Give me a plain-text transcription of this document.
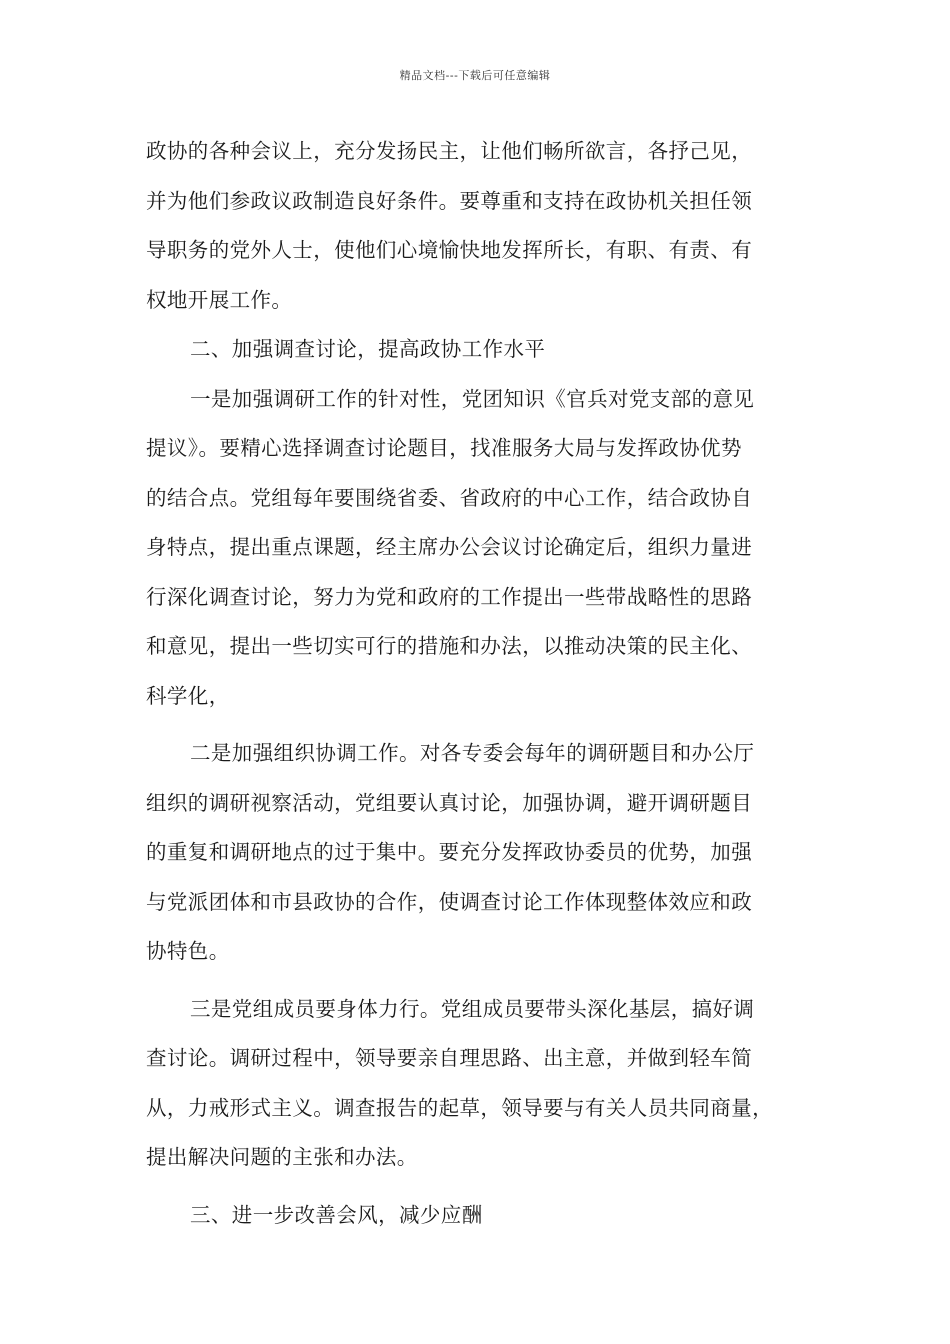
精品文档---下载后可任意编辑
政协的各种会议上，充分发扬民主，让他们畅所欲言，各抒己见，
并为他们参政议政制造良好条件。要尊重和支持在政协机关担任领
导职务的党外人士，使他们心境愉快地发挥所长，有职、有责、有
权地开展工作。
二、加强调查讨论，提高政协工作水平
一是加强调研工作的针对性，党团知识《官兵对党支部的意见
提议》。要精心选择调查讨论题目，找准服务大局与发挥政协优势
的结合点。党组每年要围绕省委、省政府的中心工作，结合政协自
身特点，提出重点课题，经主席办公会议讨论确定后，组织力量进
行深化调查讨论，努力为党和政府的工作提出一些带战略性的思路
和意见，提出一些切实可行的措施和办法，以推动决策的民主化、
科学化，
二是加强组织协调工作。对各专委会每年的调研题目和办公厅
组织的调研视察活动，党组要认真讨论，加强协调，避开调研题目
的重复和调研地点的过于集中。要充分发挥政协委员的优势，加强
与党派团体和市县政协的合作，使调查讨论工作体现整体效应和政
协特色。
三是党组成员要身体力行。党组成员要带头深化基层，搞好调
查讨论。调研过程中，领导要亲自理思路、出主意，并做到轻车简
从，力戒形式主义。调查报告的起草，领导要与有关人员共同商量，
提出解决问题的主张和办法。
三、进一步改善会风，减少应酬
